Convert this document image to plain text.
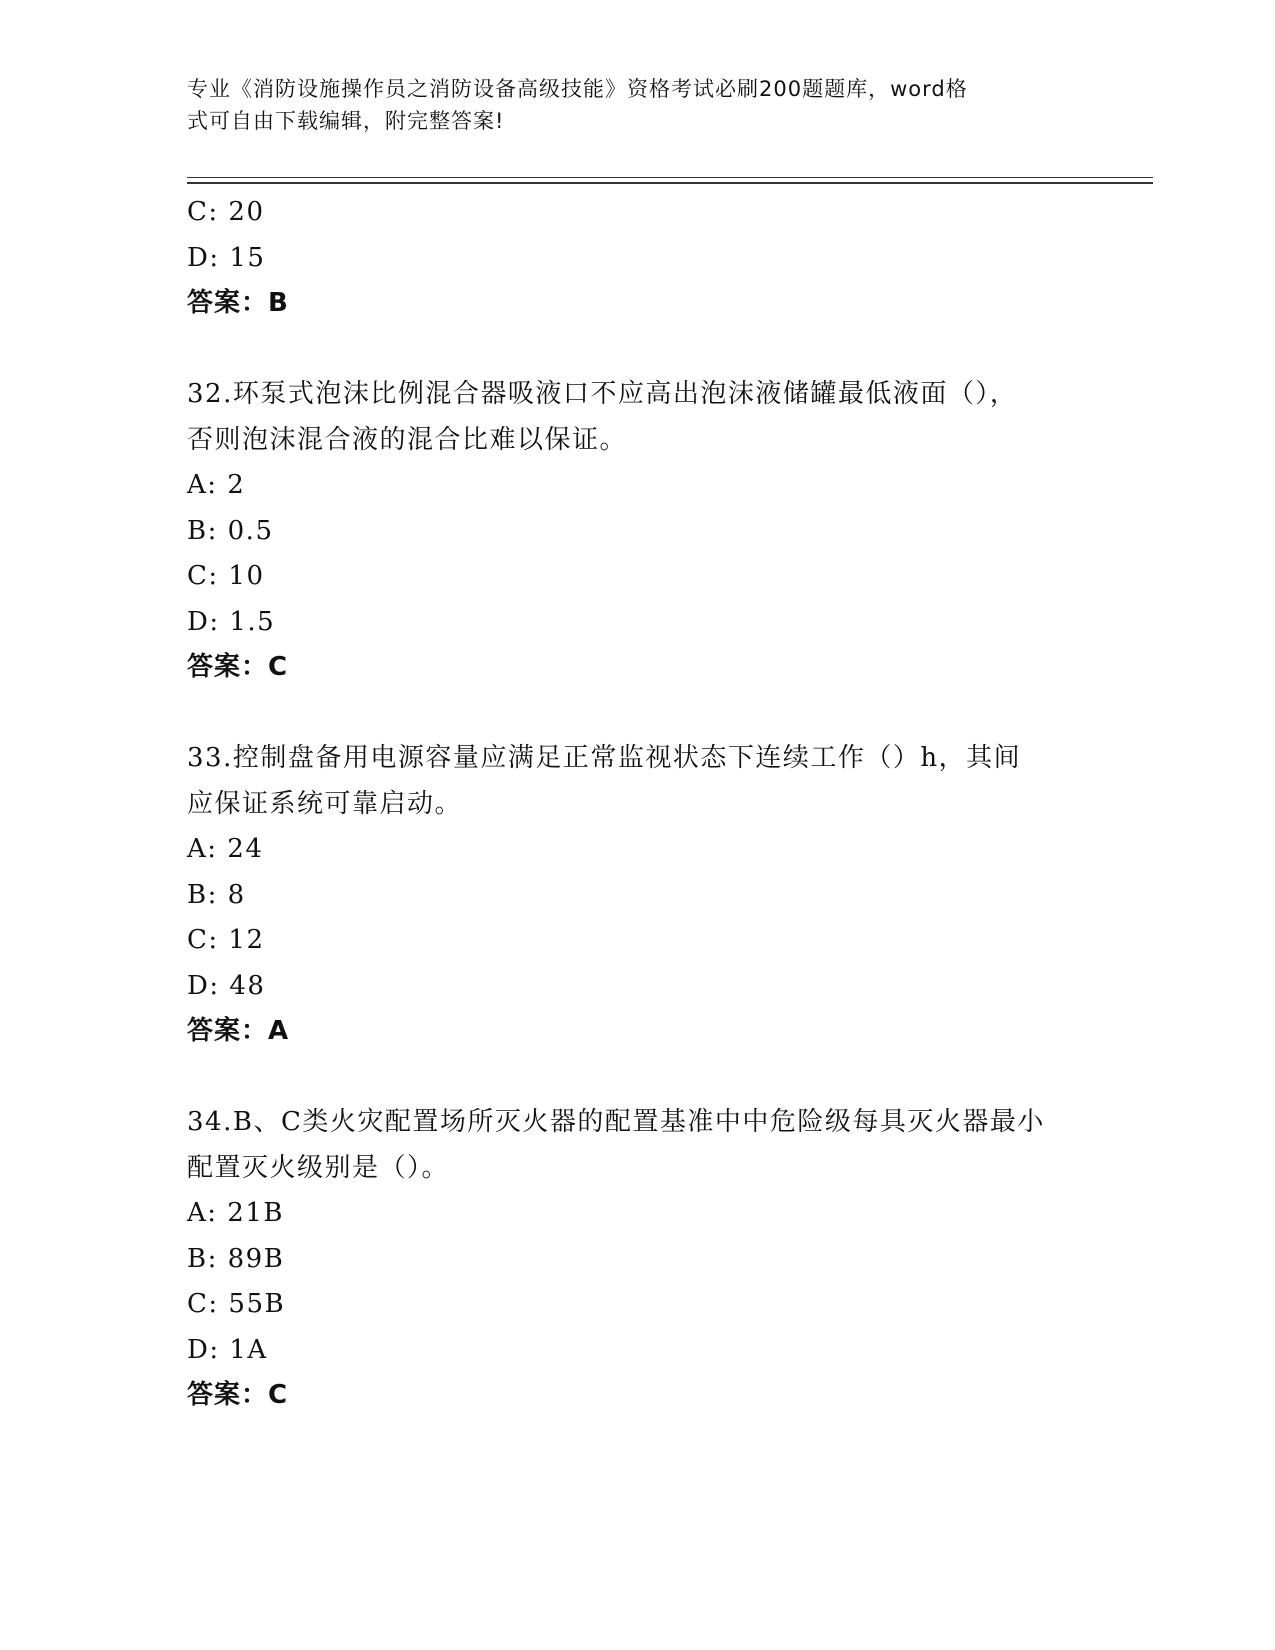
专业《消防设施操作员之消防设备高级技能》资格考试必刷200题题库，word格
式可自由下载编辑，附完整答案!
C: 20
D: 15
答案：B
32.环泵式泡沫比例混合器吸液口不应高出泡沫液储罐最低液面（），
否则泡沫混合液的混合比难以保证。
A: 2
B: 0.5
C: 10
D: 1.5
答案：C
33.控制盘备用电源容量应满足正常监视状态下连续工作（）h，其间
应保证系统可靠启动。
A: 24
B: 8
C: 12
D: 48
答案：A
34.B、C类火灾配置场所灭火器的配置基准中中危险级每具灭火器最小
配置灭火级别是（）。
A: 21B
B: 89B
C: 55B
D: 1A
答案：C
